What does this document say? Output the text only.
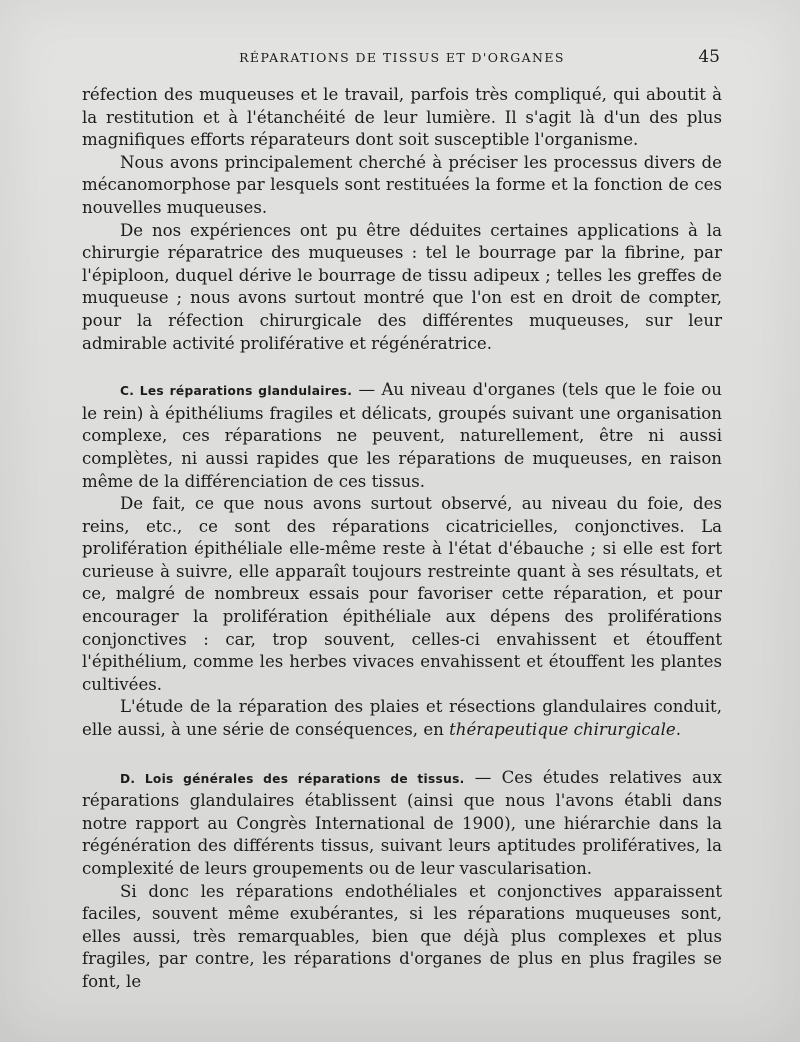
RÉPARATIONS DE TISSUS ET D'ORGANES	45

réfection des muqueuses et le travail, parfois très compliqué, qui aboutit à la restitution et à l'étanchéité de leur lumière. Il s'agit là d'un des plus magnifiques efforts réparateurs dont soit susceptible l'organisme.

Nous avons principalement cherché à préciser les processus divers de mécanomorphose par lesquels sont restituées la forme et la fonction de ces nouvelles muqueuses.

De nos expériences ont pu être déduites certaines applications à la chirurgie réparatrice des muqueuses : tel le bourrage par la fibrine, par l'épiploon, duquel dérive le bourrage de tissu adipeux ; telles les greffes de muqueuse ; nous avons surtout montré que l'on est en droit de compter, pour la réfection chirurgicale des différentes muqueuses, sur leur admirable activité proliférative et régénératrice.

C. Les réparations glandulaires. — Au niveau d'organes (tels que le foie ou le rein) à épithéliums fragiles et délicats, groupés suivant une organisation complexe, ces réparations ne peuvent, naturellement, être ni aussi complètes, ni aussi rapides que les réparations de muqueuses, en raison même de la différenciation de ces tissus.

De fait, ce que nous avons surtout observé, au niveau du foie, des reins, etc., ce sont des réparations cicatricielles, conjonctives. La prolifération épithéliale elle-même reste à l'état d'ébauche ; si elle est fort curieuse à suivre, elle apparaît toujours restreinte quant à ses résultats, et ce, malgré de nombreux essais pour favoriser cette réparation, et pour encourager la prolifération épithéliale aux dépens des proliférations conjonctives : car, trop souvent, celles-ci envahissent et étouffent l'épithélium, comme les herbes vivaces envahissent et étouffent les plantes cultivées.

L'étude de la réparation des plaies et résections glandulaires conduit, elle aussi, à une série de conséquences, en thérapeutique chirurgicale.

D. Lois générales des réparations de tissus. — Ces études relatives aux réparations glandulaires établissent (ainsi que nous l'avons établi dans notre rapport au Congrès International de 1900), une hiérarchie dans la régénération des différents tissus, suivant leurs aptitudes prolifératives, la complexité de leurs groupements ou de leur vascularisation.

Si donc les réparations endothéliales et conjonctives apparaissent faciles, souvent même exubérantes, si les réparations muqueuses sont, elles aussi, très remarquables, bien que déjà plus complexes et plus fragiles, par contre, les réparations d'organes de plus en plus fragiles se font, le
